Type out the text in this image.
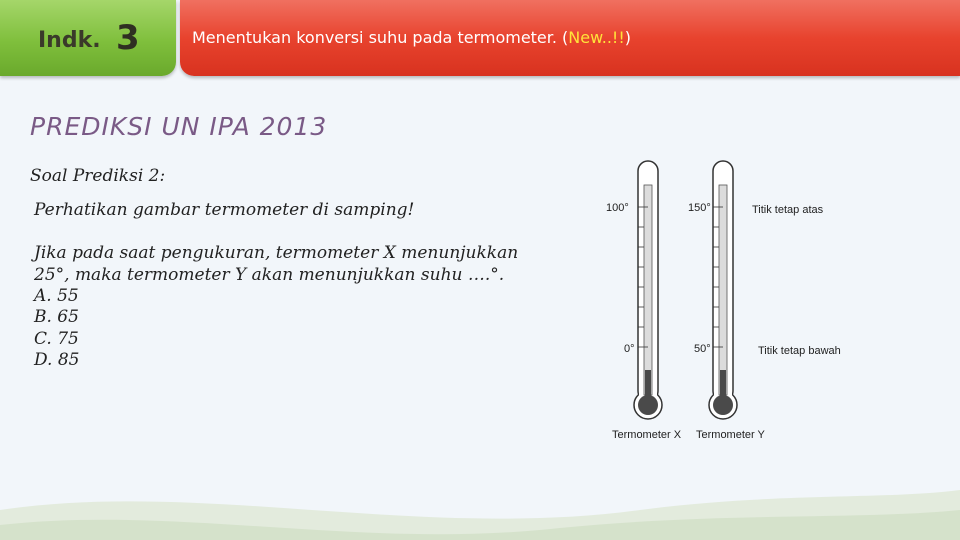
Indk. 3	Menentukan konversi suhu pada termometer. (New..!!)
PREDIKSI UN IPA 2013
Soal Prediksi 2:
Perhatikan gambar termometer di samping!
Jika pada saat pengukuran, termometer X menunjukkan
25°, maka termometer Y akan menunjukkan suhu ….°.
A. 55
B. 65
C. 75
D. 85
100°
0°
Termometer X
150°
50°
Termometer Y
Titik tetap atas
Titik tetap bawah
